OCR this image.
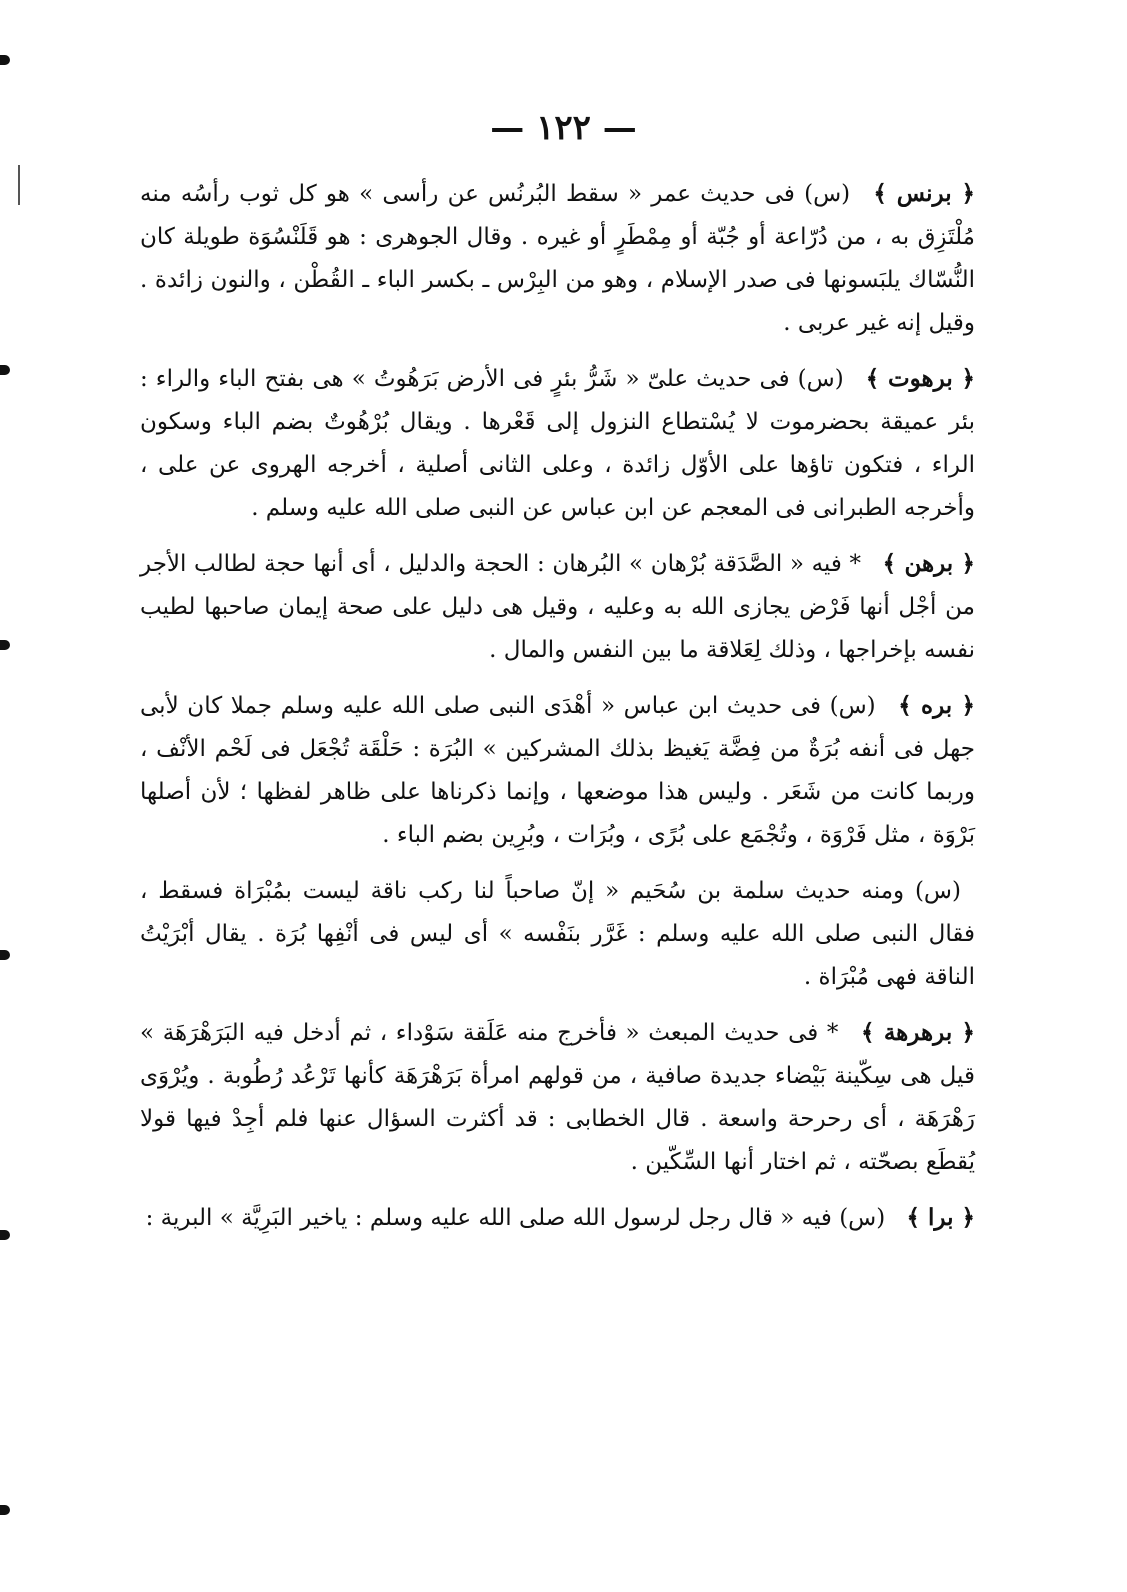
— ١٢٢ —

﴿ برنس ﴾ (س) فى حديث عمر « سقط البُرنُس عن رأسى » هو كل ثوب رأسُه منه مُلْتَزِق به ، من دُرّاعة أو جُبّة أو مِمْطَرٍ أو غيره . وقال الجوهرى : هو قَلَنْسُوَة طويلة كان النُّسّاك يلبَسونها فى صدر الإسلام ، وهو من البِرْس ـ بكسر الباء ـ القُطْن ، والنون زائدة . وقيل إنه غير عربى .

﴿ برهوت ﴾ (س) فى حديث علىّ « شَرُّ بئرٍ فى الأرض بَرَهُوتُ » هى بفتح الباء والراء : بئر عميقة بحضرموت لا يُسْتطاع النزول إلى قَعْرها . ويقال بُرْهُوتٌ بضم الباء وسكون الراء ، فتكون تاؤها على الأوّل زائدة ، وعلى الثانى أصلية ، أخرجه الهروى عن على ، وأخرجه الطبرانى فى المعجم عن ابن عباس عن النبى صلى الله عليه وسلم .

﴿ برهن ﴾ * فيه « الصَّدَقة بُرْهان » البُرهان : الحجة والدليل ، أى أنها حجة لطالب الأجر من أجْل أنها فَرْض يجازى الله به وعليه ، وقيل هى دليل على صحة إيمان صاحبها لطيب نفسه بإخراجها ، وذلك لِعَلاقة ما بين النفس والمال .

﴿ بره ﴾ (س) فى حديث ابن عباس « أهْدَى النبى صلى الله عليه وسلم جملا كان لأبى جهل فى أنفه بُرَةٌ من فِضَّة يَغيظ بذلك المشركين » البُرَة : حَلْقَة تُجْعَل فى لَحْم الأنْف ، وربما كانت من شَعَر . وليس هذا موضعها ، وإنما ذكرناها على ظاهر لفظها ؛ لأن أصلها بَرْوَة ، مثل فَرْوَة ، وتُجْمَع على بُرًى ، وبُرَات ، وبُرِين بضم الباء .

(س) ومنه حديث سلمة بن سُحَيم « إنّ صاحباً لنا ركب ناقة ليست بمُبْرَاة فسقط ، فقال النبى صلى الله عليه وسلم : غَرَّر بنَفْسه » أى ليس فى أنْفِها بُرَة . يقال أبْرَيْتُ الناقة فهى مُبْرَاة .

﴿ برهرهة ﴾ * فى حديث المبعث « فأخرج منه عَلَقة سَوْداء ، ثم أدخل فيه البَرَهْرَهَة » قيل هى سِكّينة بَيْضاء جديدة صافية ، من قولهم امرأة بَرَهْرَهَة كأنها تَرْعُد رُطُوبة . ويُرْوَى رَهْرَهَة ، أى رحرحة واسعة . قال الخطابى : قد أكثرت السؤال عنها فلم أجِدْ فيها قولا يُقطَع بصحّته ، ثم اختار أنها السِّكّين .

﴿ برا ﴾ (س) فيه « قال رجل لرسول الله صلى الله عليه وسلم : ياخير البَرِيَّة » البرية :
